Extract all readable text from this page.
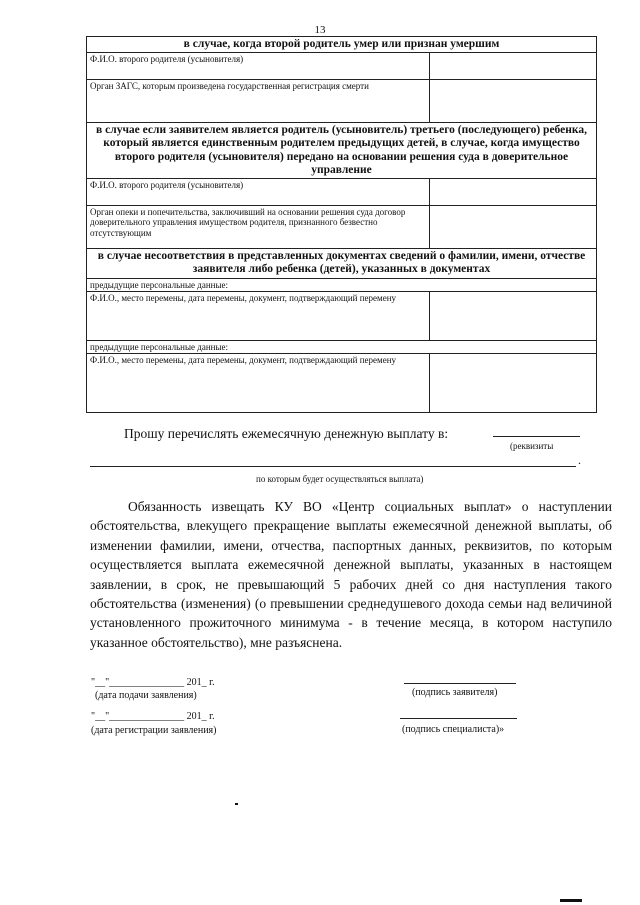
13
в случае, когда второй родитель умер или признан умершим	
Ф.И.О. второго родителя (усыновителя)	
Орган ЗАГС, которым произведена государственная регистрация смерти	
в случае если заявителем является родитель (усыновитель) третьего (последующего) ребенка, который является единственным родителем предыдущих детей, в случае, когда имущество второго родителя (усыновителя) передано на основании решения суда в доверительное управление	
Ф.И.О. второго родителя (усыновителя)	
Орган опеки и попечительства, заключивший на основании решения суда договор доверительного управления имуществом родителя, признанного безвестно отсутствующим	
в случае несоответствия в представленных документах сведений о фамилии, имени, отчестве заявителя либо ребенка (детей), указанных в документах	
предыдущие персональные данные:	
Ф.И.О., место перемены, дата перемены, документ, подтверждающий перемену	
предыдущие персональные данные:	
Ф.И.О., место перемены, дата перемены, документ, подтверждающий перемену	
Прошу перечислять ежемесячную денежную выплату в:
(реквизиты
.
по которым будет осуществляться выплата)
Обязанность извещать КУ ВО «Центр социальных выплат» о наступлении обстоятельства, влекущего прекращение выплаты ежемесячной денежной выплаты, об изменении фамилии, имени, отчества, паспортных данных, реквизитов, по которым осуществляется выплата ежемесячной денежной выплаты, указанных в настоящем заявлении, в срок, не превышающий 5 рабочих дней со дня наступления такого обстоятельства (изменения) (о превышении среднедушевого дохода семьи над величиной установленного прожиточного минимума - в течение месяца, в котором наступило указанное обстоятельство), мне разъяснена.
"__"_______________ 201_ г.
(дата подачи заявления)	(подпись заявителя)
"__"_______________ 201_ г.
(дата регистрации заявления)	(подпись специалиста)»
